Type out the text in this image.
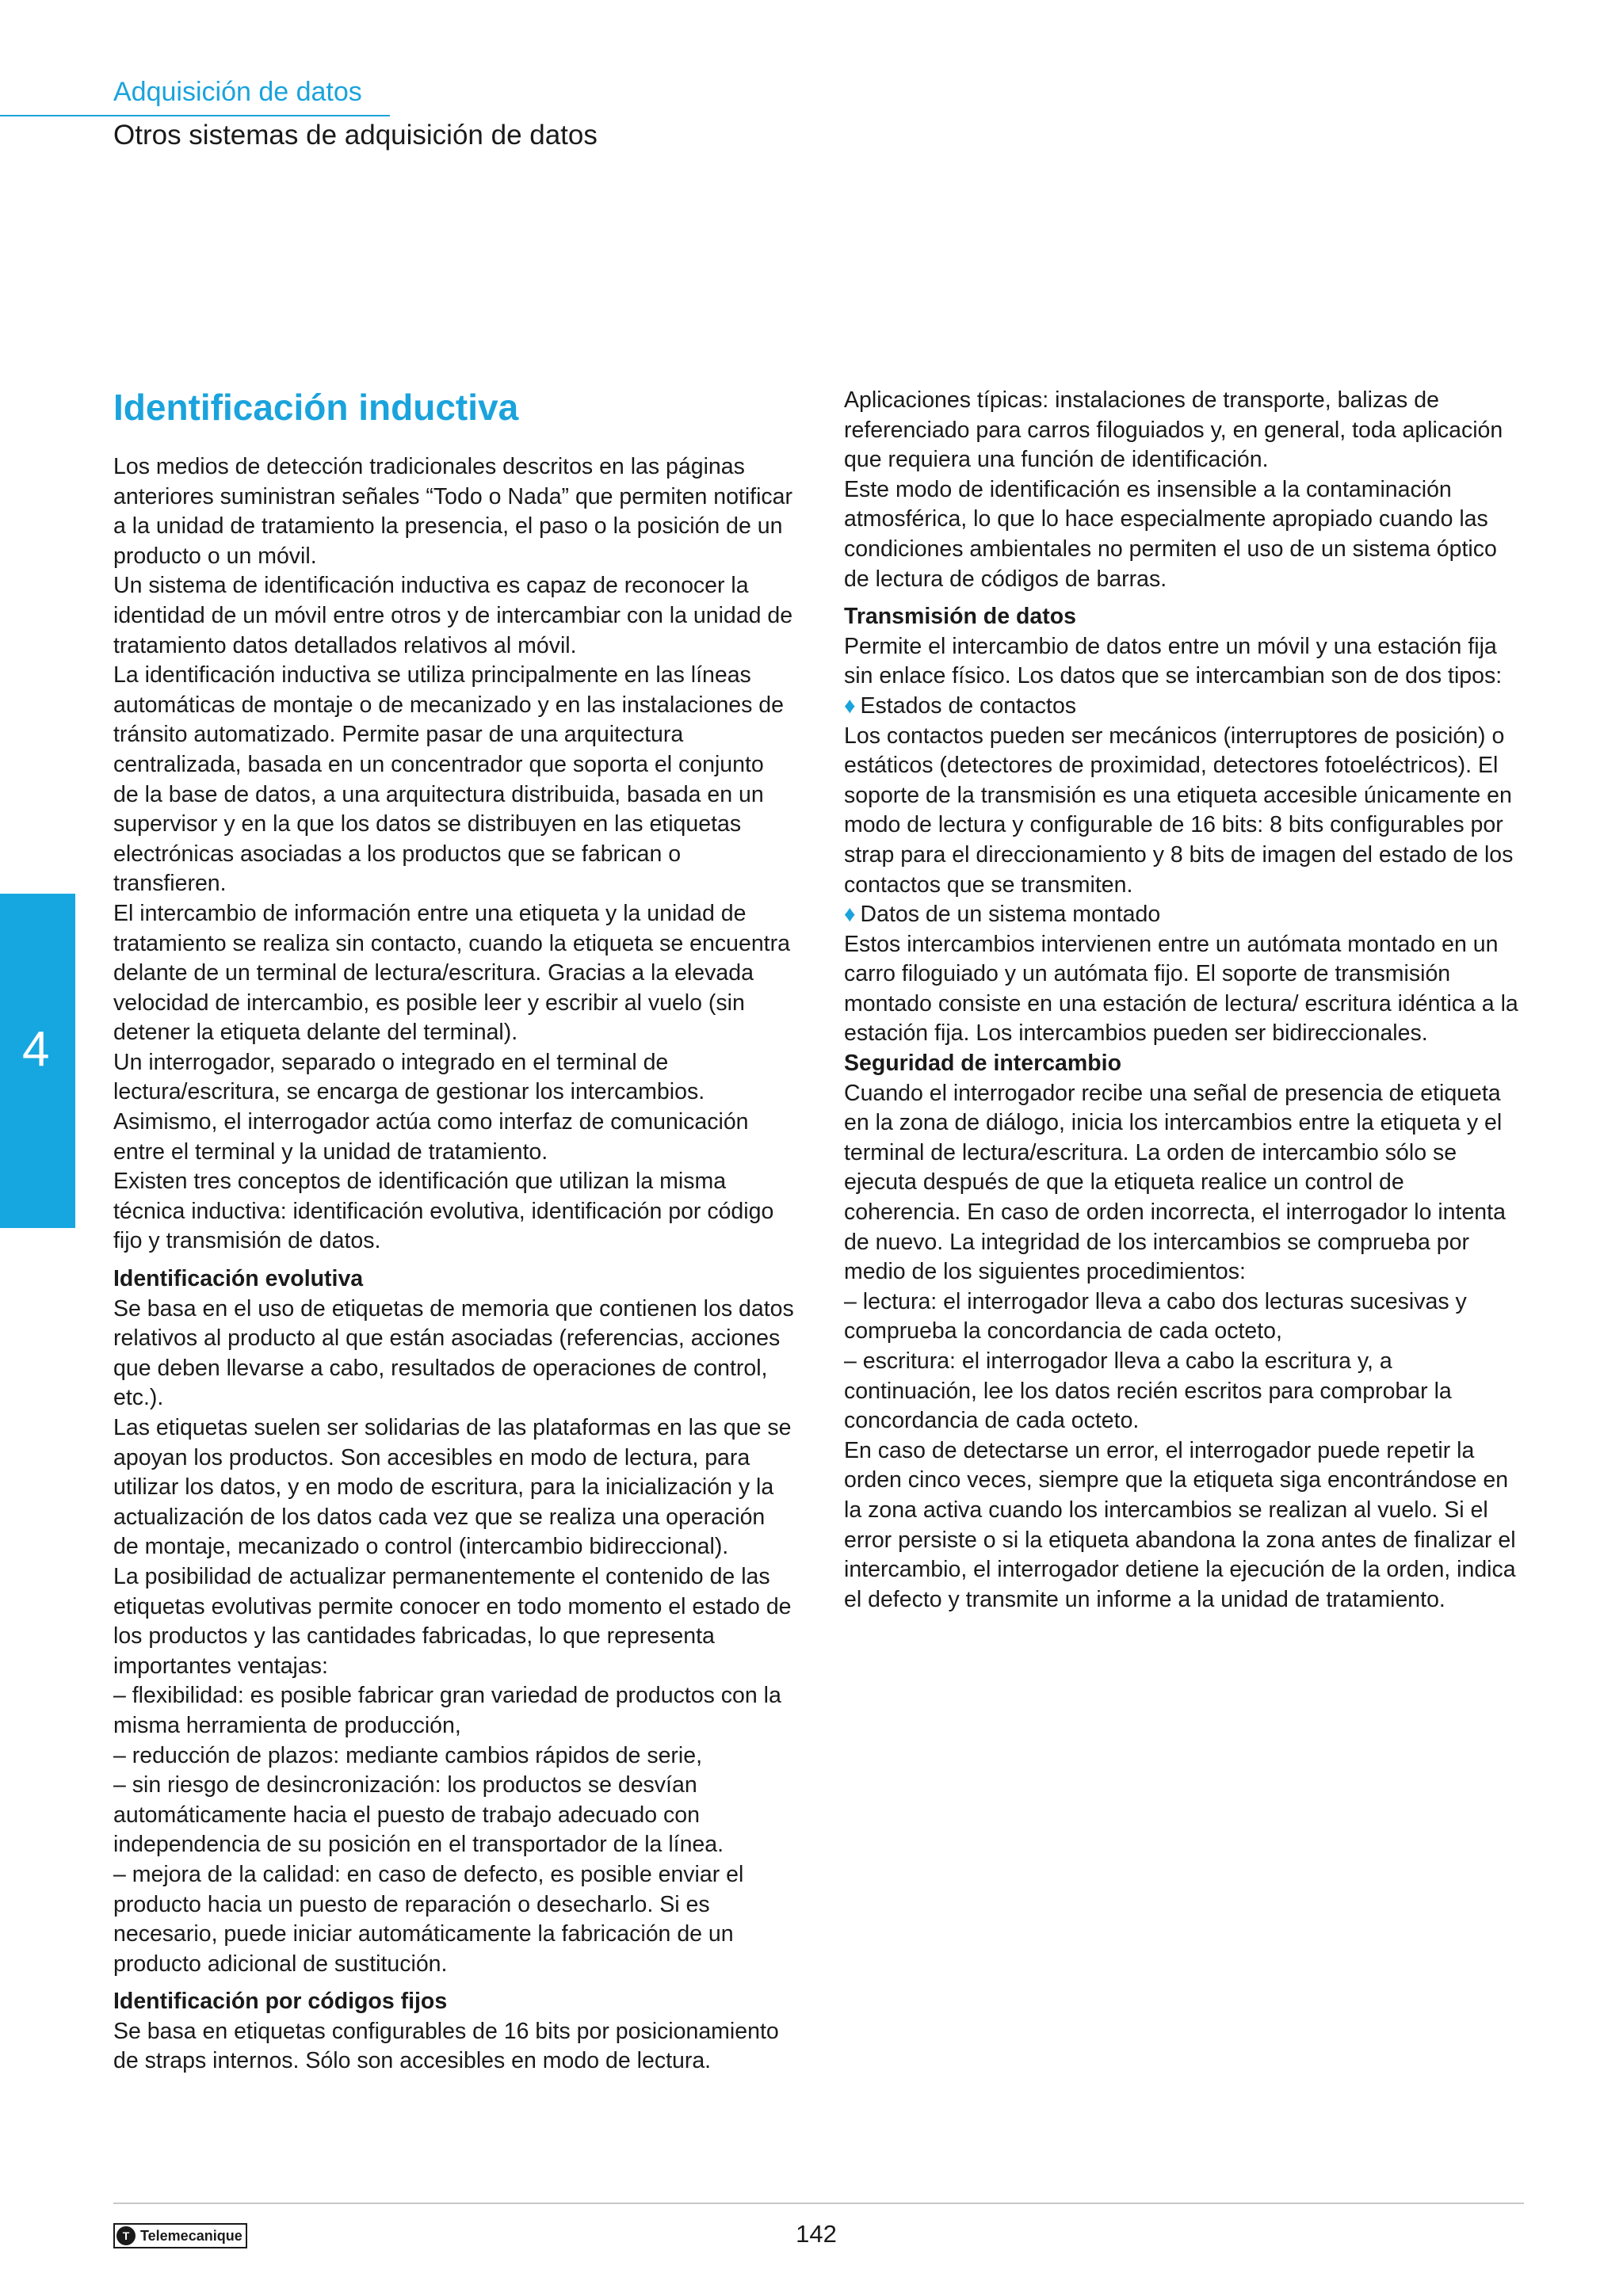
Adquisición de datos
Otros sistemas de adquisición de datos
4
Identificación inductiva

Los medios de detección tradicionales descritos en las páginas anteriores suministran señales “Todo o Nada” que permiten notificar a la unidad de tratamiento la presencia, el paso o la posición de un producto o un móvil.

Un sistema de identificación inductiva es capaz de reconocer la identidad de un móvil entre otros y de intercambiar con la unidad de tratamiento datos detallados relativos al móvil.

La identificación inductiva se utiliza principalmente en las líneas automáticas de montaje o de mecanizado y en las instalaciones de tránsito automatizado. Permite pasar de una arquitectura centralizada, basada en un concentrador que soporta el conjunto de la base de datos, a una arquitectura distribuida, basada en un supervisor y en la que los datos se distribuyen en las etiquetas electrónicas asociadas a los productos que se fabrican o transfieren.

El intercambio de información entre una etiqueta y la unidad de tratamiento se realiza sin contacto, cuando la etiqueta se encuentra delante de un terminal de lectura/escritura. Gracias a la elevada velocidad de intercambio, es posible leer y escribir al vuelo (sin detener la etiqueta delante del terminal).

Un interrogador, separado o integrado en el terminal de lectura/escritura, se encarga de gestionar los intercambios. Asimismo, el interrogador actúa como interfaz de comunicación entre el terminal y la unidad de tratamiento.

Existen tres conceptos de identificación que utilizan la misma técnica inductiva: identificación evolutiva, identificación por código fijo y transmisión de datos.

Identificación evolutiva

Se basa en el uso de etiquetas de memoria que contienen los datos relativos al producto al que están asociadas (referencias, acciones que deben llevarse a cabo, resultados de operaciones de control, etc.).

Las etiquetas suelen ser solidarias de las plataformas en las que se apoyan los productos. Son accesibles en modo de lectura, para utilizar los datos, y en modo de escritura, para la inicialización y la actualización de los datos cada vez que se realiza una operación de montaje, mecanizado o control (intercambio bidireccional).

La posibilidad de actualizar permanentemente el contenido de las etiquetas evolutivas permite conocer en todo momento el estado de los productos y las cantidades fabricadas, lo que representa importantes ventajas:

– flexibilidad: es posible fabricar gran variedad de productos con la misma herramienta de producción,

– reducción de plazos: mediante cambios rápidos de serie,

– sin riesgo de desincronización: los productos se desvían automáticamente hacia el puesto de trabajo adecuado con independencia de su posición en el transportador de la línea.

– mejora de la calidad: en caso de defecto, es posible enviar el producto hacia un puesto de reparación o desecharlo. Si es necesario, puede iniciar automáticamente la fabricación de un producto adicional de sustitución.

Identificación por códigos fijos

Se basa en etiquetas configurables de 16 bits por posicionamiento de straps internos. Sólo son accesibles en modo de lectura.

Aplicaciones típicas: instalaciones de transporte, balizas de referenciado para carros filoguiados y, en general, toda aplicación que requiera una función de identificación.

Este modo de identificación es insensible a la contaminación atmosférica, lo que lo hace especialmente apropiado cuando las condiciones ambientales no permiten el uso de un sistema óptico de lectura de códigos de barras.

Transmisión de datos

Permite el intercambio de datos entre un móvil y una estación fija sin enlace físico. Los datos que se intercambian son de dos tipos:

♦ Estados de contactos

Los contactos pueden ser mecánicos (interruptores de posición) o estáticos (detectores de proximidad, detectores fotoeléctricos). El soporte de la transmisión es una etiqueta accesible únicamente en modo de lectura y configurable de 16 bits: 8 bits configurables por strap para el direccionamiento y 8 bits de imagen del estado de los contactos que se transmiten.

♦ Datos de un sistema montado

Estos intercambios intervienen entre un autómata montado en un carro filoguiado y un autómata fijo. El soporte de transmisión montado consiste en una estación de lectura/ escritura idéntica a la estación fija. Los intercambios pueden ser bidireccionales.

Seguridad de intercambio

Cuando el interrogador recibe una señal de presencia de etiqueta en la zona de diálogo, inicia los intercambios entre la etiqueta y el terminal de lectura/escritura. La orden de intercambio sólo se ejecuta después de que la etiqueta realice un control de coherencia. En caso de orden incorrecta, el interrogador lo intenta de nuevo. La integridad de los intercambios se comprueba por medio de los siguientes procedimientos:

– lectura: el interrogador lleva a cabo dos lecturas sucesivas y comprueba la concordancia de cada octeto,

– escritura: el interrogador lleva a cabo la escritura y, a continuación, lee los datos recién escritos para comprobar la concordancia de cada octeto.

En caso de detectarse un error, el interrogador puede repetir la orden cinco veces, siempre que la etiqueta siga encontrándose en la zona activa cuando los intercambios se realizan al vuelo. Si el error persiste o si la etiqueta abandona la zona antes de finalizar el intercambio, el interrogador detiene la ejecución de la orden, indica el defecto y transmite un informe a la unidad de tratamiento.

T Telemecanique	142
